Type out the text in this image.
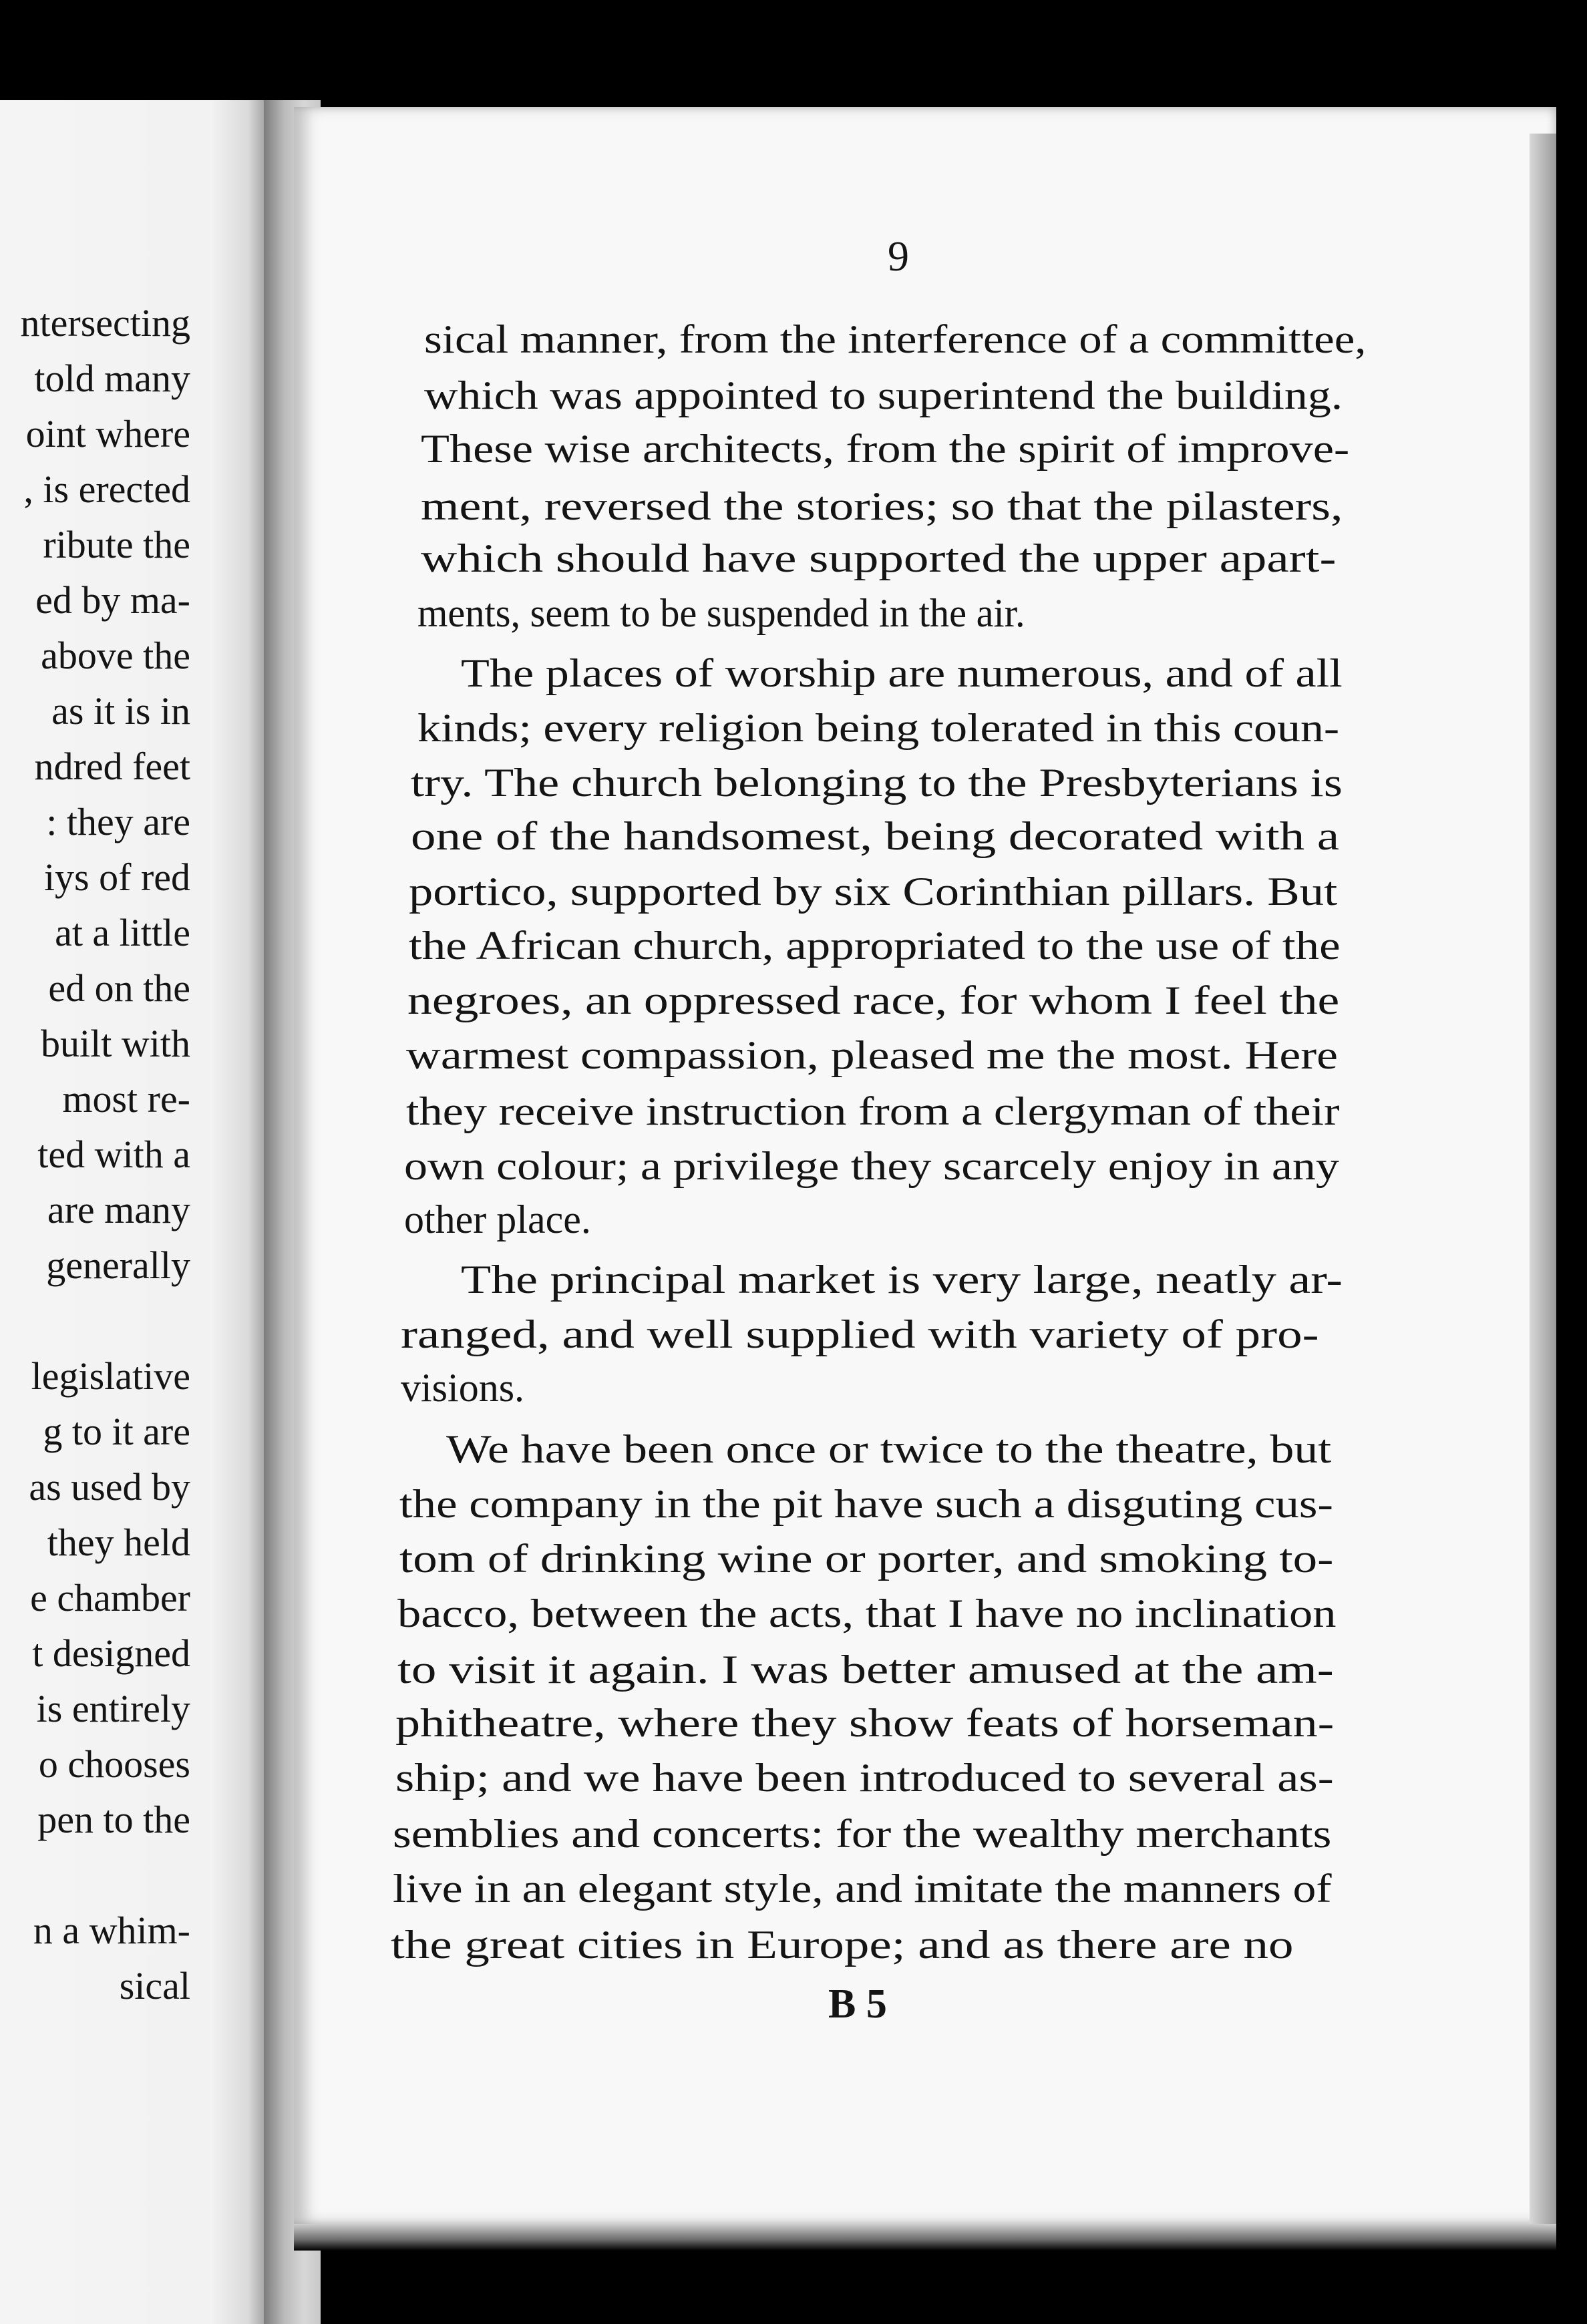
ntersecting
told many
oint where
, is erected
ribute the
ed by ma-
above the
as it is in
ndred feet
: they are
iys of red
at a little
ed on the
built with
most re-
ted with a
are many
generally
legislative
g to it are
as used by
they held
e chamber
t designed
is entirely
o chooses
pen to the
n a whim-
sical
9
sical manner, from the interference of a committee,
which was appointed to superintend the building.
These wise architects, from the spirit of improve-
ment, reversed the stories; so that the pilasters,
which should have supported the upper apart-
ments, seem to be suspended in the air.
The places of worship are numerous, and of all
kinds; every religion being tolerated in this coun-
try. The church belonging to the Presbyterians is
one of the handsomest, being decorated with a
portico, supported by six Corinthian pillars. But
the African church, appropriated to the use of the
negroes, an oppressed race, for whom I feel the
warmest compassion, pleased me the most. Here
they receive instruction from a clergyman of their
own colour; a privilege they scarcely enjoy in any
other place.
The principal market is very large, neatly ar-
ranged, and well supplied with variety of pro-
visions.
We have been once or twice to the theatre, but
the company in the pit have such a disguting cus-
tom of drinking wine or porter, and smoking to-
bacco, between the acts, that I have no inclination
to visit it again. I was better amused at the am-
phitheatre, where they show feats of horseman-
ship; and we have been introduced to several as-
semblies and concerts: for the wealthy merchants
live in an elegant style, and imitate the manners of
the great cities in Europe; and as there are no
B 5
